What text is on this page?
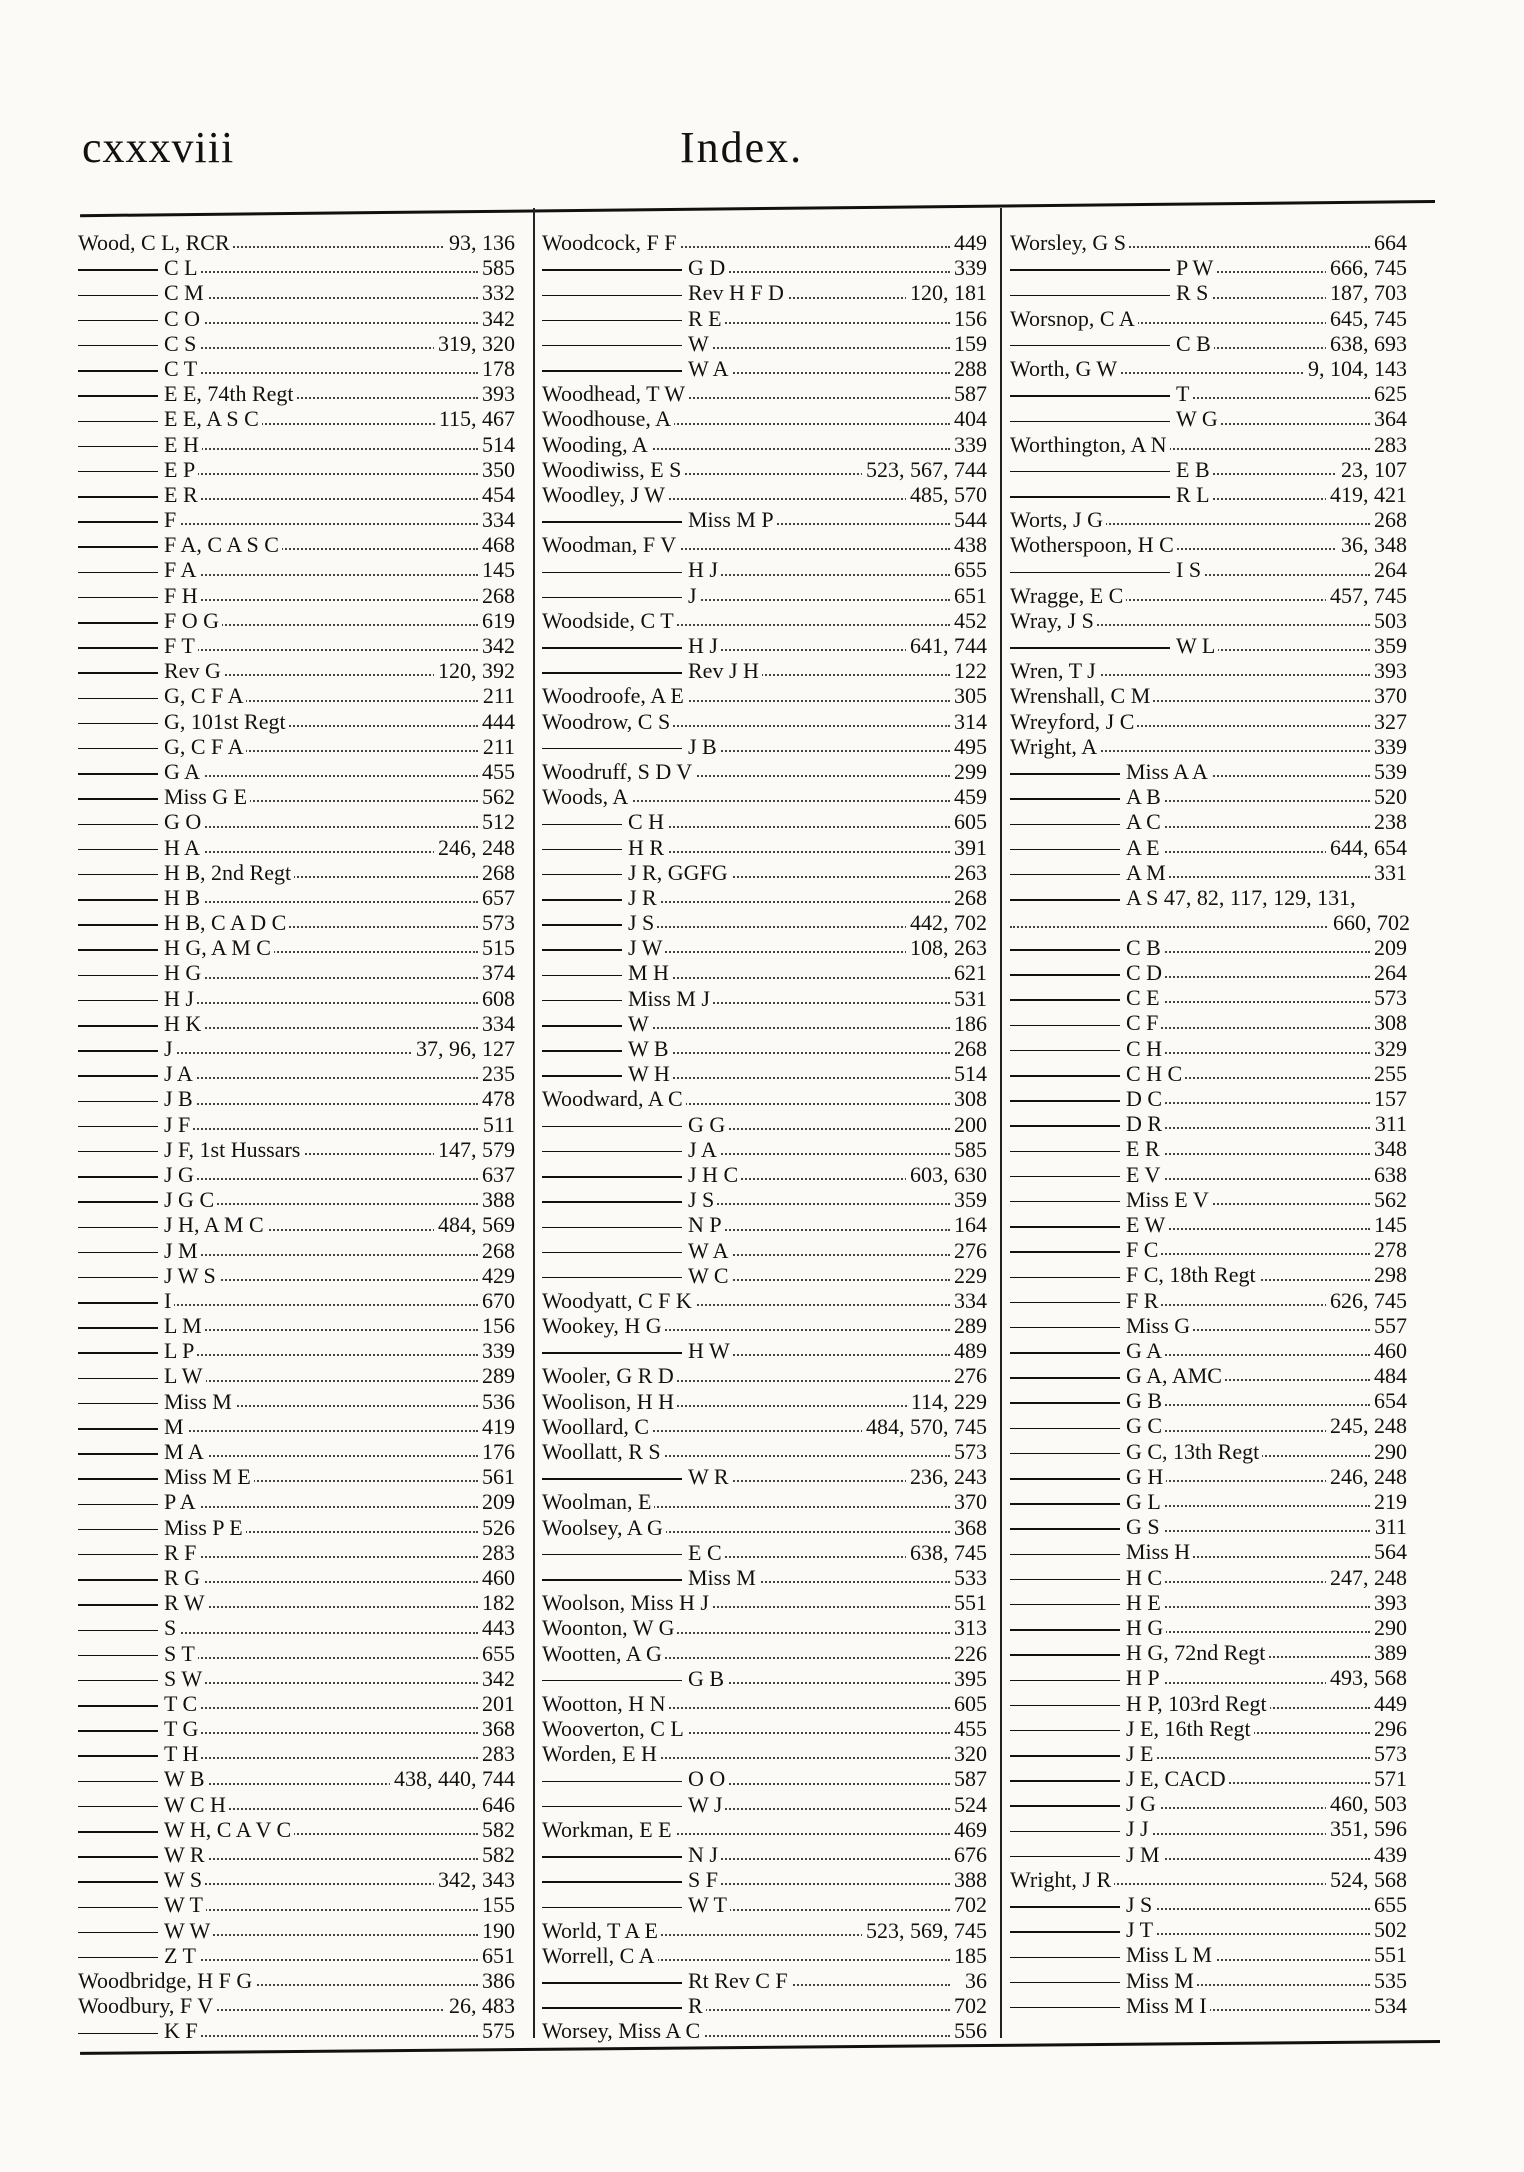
cxxxviii	Index.
Wood, C L, RCR	93, 136
C L	585
C M	332
C O	342
C S	319, 320
C T	178
E E, 74th Regt	393
E E, A S C	115, 467
E H	514
E P	350
E R	454
F	334
F A, C A S C	468
F A	145
F H	268
F O G	619
F T	342
Rev G	120, 392
G, C F A	211
G, 101st Regt	444
G, C F A	211
G A	455
Miss G E	562
G O	512
H A	246, 248
H B, 2nd Regt	268
H B	657
H B, C A D C	573
H G, A M C	515
H G	374
H J	608
H K	334
J	37, 96, 127
J A	235
J B	478
J F	511
J F, 1st Hussars	147, 579
J G	637
J G C	388
J H, A M C	484, 569
J M	268
J W S	429
I	670
L M	156
L P	339
L W	289
Miss M	536
M	419
M A	176
Miss M E	561
P A	209
Miss P E	526
R F	283
R G	460
R W	182
S	443
S T	655
S W	342
T C	201
T G	368
T H	283
W B	438, 440, 744
W C H	646
W H, C A V C	582
W R	582
W S	342, 343
W T	155
W W	190
Z T	651
Woodbridge, H F G	386
Woodbury, F V	26, 483
K F	575
Woodcock, F F	449
G D	339
Rev H F D	120, 181
R E	156
W	159
W A	288
Woodhead, T W	587
Woodhouse, A	404
Wooding, A	339
Woodiwiss, E S	523, 567, 744
Woodley, J W	485, 570
Miss M P	544
Woodman, F V	438
H J	655
J	651
Woodside, C T	452
H J	641, 744
Rev J H	122
Woodroofe, A E	305
Woodrow, C S	314
J B	495
Woodruff, S D V	299
Woods, A	459
C H	605
H R	391
J R, GGFG	263
J R	268
J S	442, 702
J W	108, 263
M H	621
Miss M J	531
W	186
W B	268
W H	514
Woodward, A C	308
G G	200
J A	585
J H C	603, 630
J S	359
N P	164
W A	276
W C	229
Woodyatt, C F K	334
Wookey, H G	289
H W	489
Wooler, G R D	276
Woolison, H H	114, 229
Woollard, C	484, 570, 745
Woollatt, R S	573
W R	236, 243
Woolman, E	370
Woolsey, A G	368
E C	638, 745
Miss M	533
Woolson, Miss H J	551
Woonton, W G	313
Wootten, A G	226
G B	395
Wootton, H N	605
Wooverton, C L	455
Worden, E H	320
O O	587
W J	524
Workman, E E	469
N J	676
S F	388
W T	702
World, T A E	523, 569, 745
Worrell, C A	185
Rt Rev C F	36
R	702
Worsey, Miss A C	556
Worsley, G S	664
P W	666, 745
R S	187, 703
Worsnop, C A	645, 745
C B	638, 693
Worth, G W	9, 104, 143
T	625
W G	364
Worthington, A N	283
E B	23, 107
R L	419, 421
Worts, J G	268
Wotherspoon, H C	36, 348
I S	264
Wragge, E C	457, 745
Wray, J S	503
W L	359
Wren, T J	393
Wrenshall, C M	370
Wreyford, J C	327
Wright, A	339
Miss A A	539
A B	520
A C	238
A E	644, 654
A M	331
A S 47, 82, 117, 129, 131,
660, 702
C B	209
C D	264
C E	573
C F	308
C H	329
C H C	255
D C	157
D R	311
E R	348
E V	638
Miss E V	562
E W	145
F C	278
F C, 18th Regt	298
F R	626, 745
Miss G	557
G A	460
G A, AMC	484
G B	654
G C	245, 248
G C, 13th Regt	290
G H	246, 248
G L	219
G S	311
Miss H	564
H C	247, 248
H E	393
H G	290
H G, 72nd Regt	389
H P	493, 568
H P, 103rd Regt	449
J E, 16th Regt	296
J E	573
J E, CACD	571
J G	460, 503
J J	351, 596
J M	439
Wright, J R	524, 568
J S	655
J T	502
Miss L M	551
Miss M	535
Miss M I	534
